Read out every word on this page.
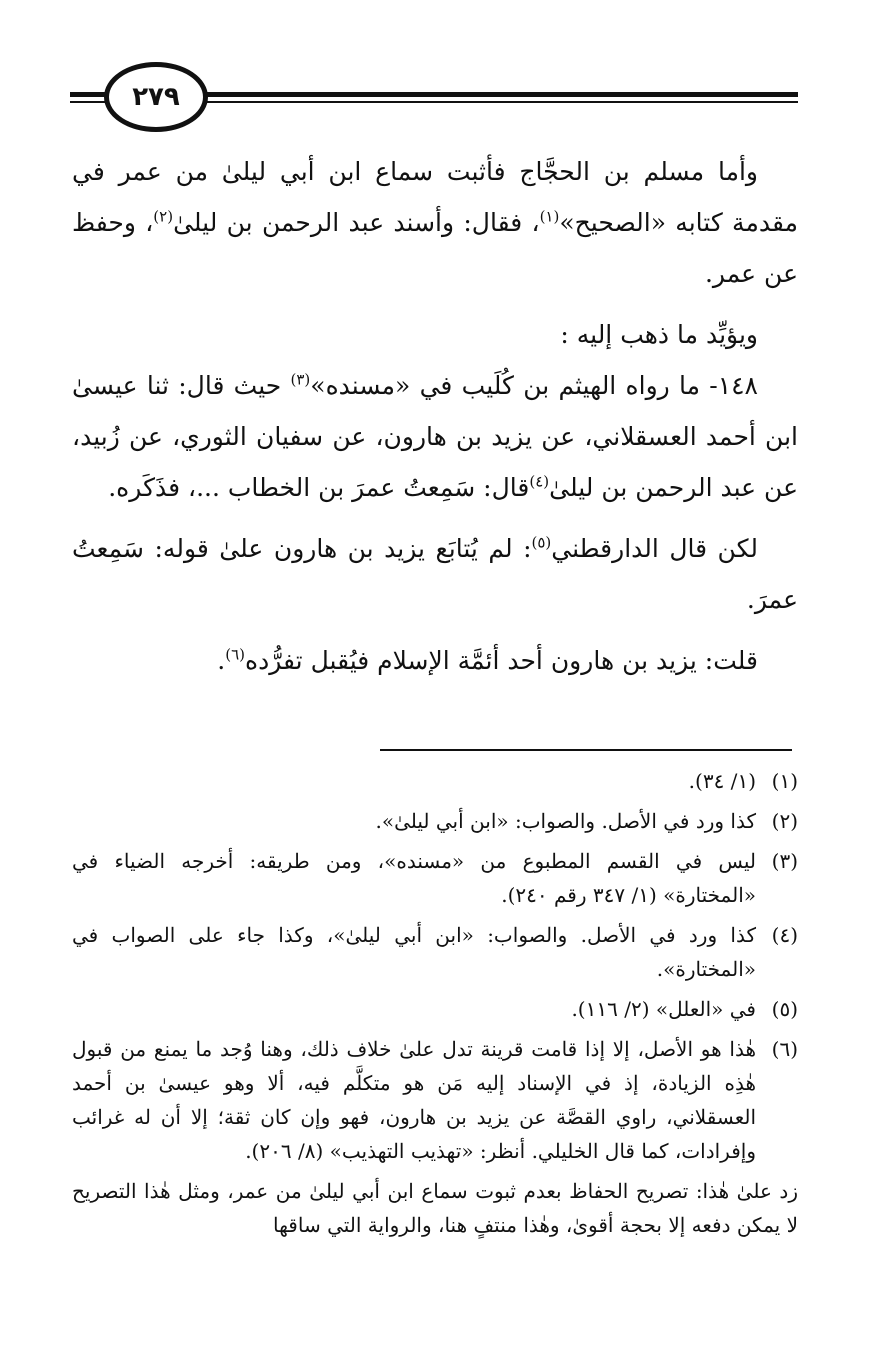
٢٧٩

وأما مسلم بن الحجَّاج فأثبت سماع ابن أبي ليلىٰ من عمر في مقدمة كتابه «الصحيح»$^{(١)}$، فقال: وأسند عبد الرحمن بن ليلىٰ$^{(٢)}$، وحفظ عن عمر.

ويؤيِّد ما ذهب إليه :

١٤٨- ما رواه الهيثم بن كُلَيب في «مسنده»$^{(٣)}$ حيث قال: ثنا عيسىٰ ابن أحمد العسقلاني، عن يزيد بن هارون، عن سفيان الثوري، عن زُبيد، عن عبد الرحمن بن ليلىٰ$^{(٤)}$قال: سَمِعتُ عمرَ بن الخطاب ...، فذَكَره.

لكن قال الدارقطني$^{(٥)}$: لم يُتابَع يزيد بن هارون علىٰ قوله: سَمِعتُ عمرَ.

قلت: يزيد بن هارون أحد أئمَّة الإسلام فيُقبل تفرُّده$^{(٦)}$.

(١)
(١/ ٣٤).
(٢)
كذا ورد في الأصل. والصواب: «ابن أبي ليلىٰ».
(٣)
ليس في القسم المطبوع من «مسنده»، ومن طريقه: أخرجه الضياء في «المختارة» (١/ ٣٤٧ رقم ٢٤٠).
(٤)
كذا ورد في الأصل. والصواب: «ابن أبي ليلىٰ»، وكذا جاء على الصواب في «المختارة».
(٥)
في «العلل» (٢/ ١١٦).
(٦)
هٰذا هو الأصل، إلا إذا قامت قرينة تدل علىٰ خلاف ذلك، وهنا وُجد ما يمنع من قبول هٰذِه الزيادة، إذ في الإسناد إليه مَن هو متكلَّم فيه، ألا وهو عيسىٰ بن أحمد العسقلاني، راوي القصَّة عن يزيد بن هارون، فهو وإن كان ثقة؛ إلا أن له غرائب وإفرادات، كما قال الخليلي. أنظر: «تهذيب التهذيب» (٨/ ٢٠٦).
زد علىٰ هٰذا: تصريح الحفاظ بعدم ثبوت سماع ابن أبي ليلىٰ من عمر، ومثل هٰذا التصريح لا يمكن دفعه إلا بحجة أقوىٰ، وهٰذا منتفٍ هنا، والرواية التي ساقها
